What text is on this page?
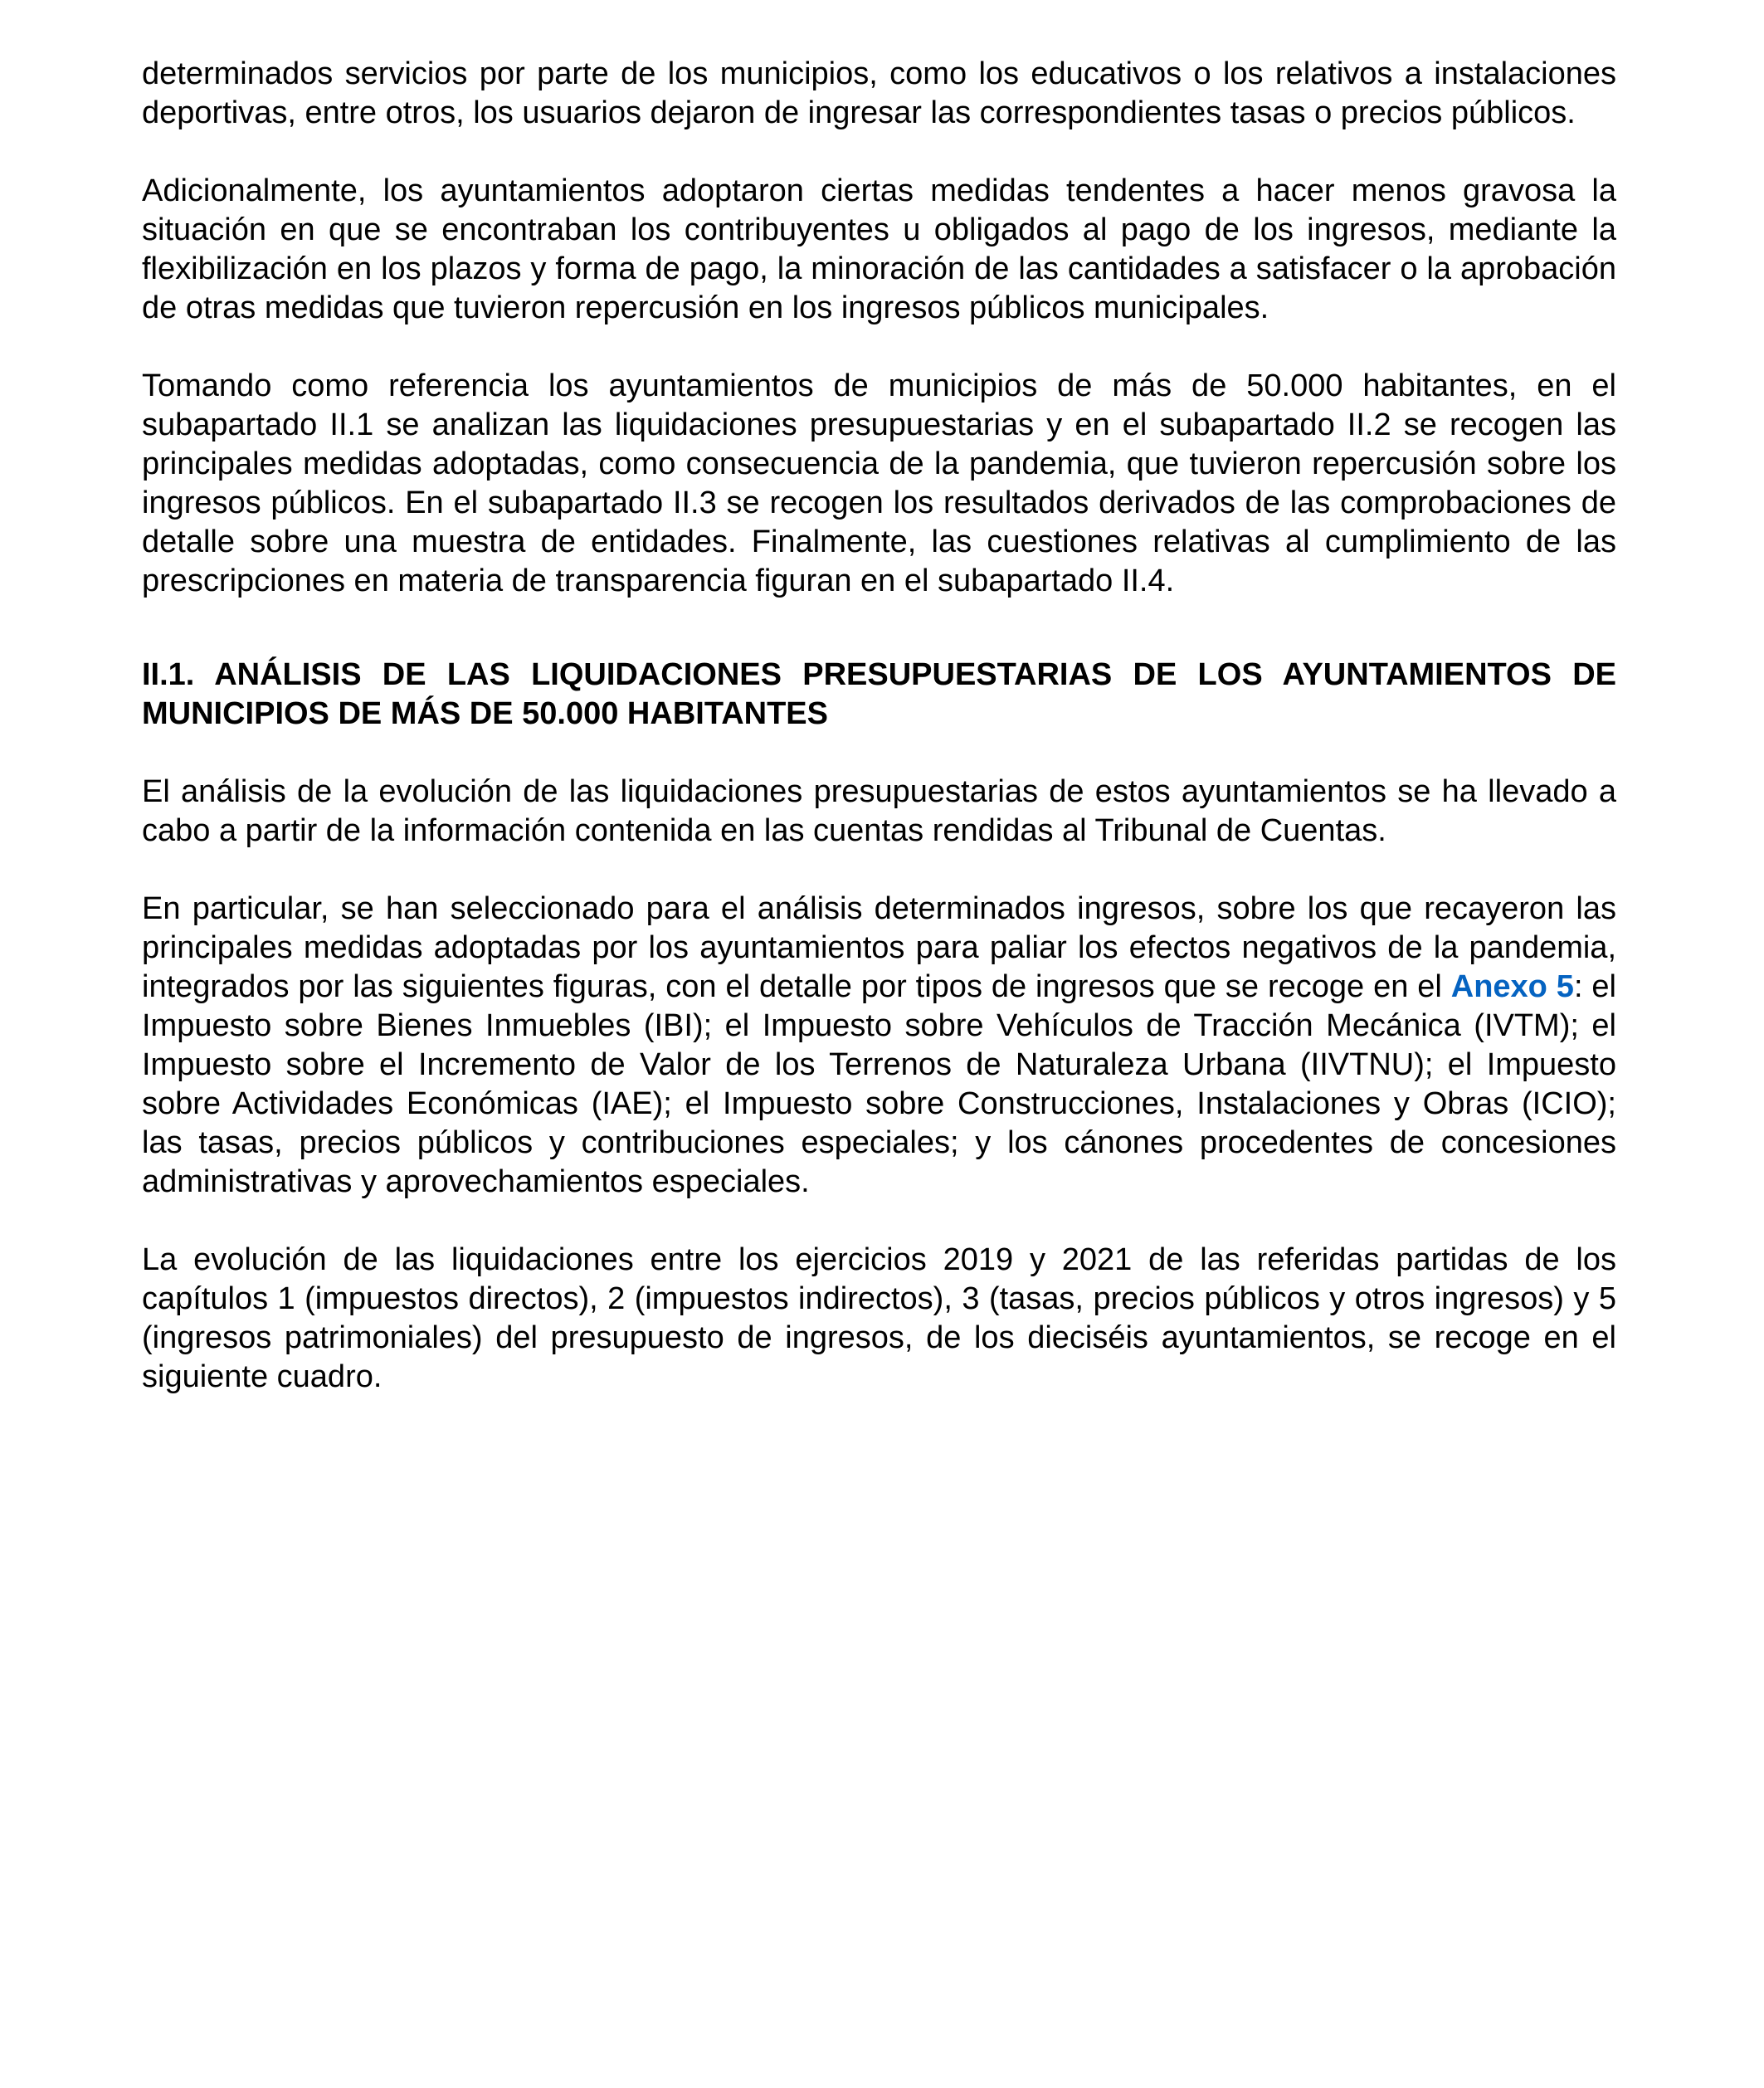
determinados servicios por parte de los municipios, como los educativos o los relativos a instalaciones deportivas, entre otros, los usuarios dejaron de ingresar las correspondientes tasas o precios públicos.

Adicionalmente, los ayuntamientos adoptaron ciertas medidas tendentes a hacer menos gravosa la situación en que se encontraban los contribuyentes u obligados al pago de los ingresos, mediante la flexibilización en los plazos y forma de pago, la minoración de las cantidades a satisfacer o la aprobación de otras medidas que tuvieron repercusión en los ingresos públicos municipales.

Tomando como referencia los ayuntamientos de municipios de más de 50.000 habitantes, en el subapartado II.1 se analizan las liquidaciones presupuestarias y en el subapartado II.2 se recogen las principales medidas adoptadas, como consecuencia de la pandemia, que tuvieron repercusión sobre los ingresos públicos. En el subapartado II.3 se recogen los resultados derivados de las comprobaciones de detalle sobre una muestra de entidades. Finalmente, las cuestiones relativas al cumplimiento de las prescripciones en materia de transparencia figuran en el subapartado II.4.

II.1. ANÁLISIS DE LAS LIQUIDACIONES PRESUPUESTARIAS DE LOS AYUNTAMIENTOS DE MUNICIPIOS DE MÁS DE 50.000 HABITANTES

El análisis de la evolución de las liquidaciones presupuestarias de estos ayuntamientos se ha llevado a cabo a partir de la información contenida en las cuentas rendidas al Tribunal de Cuentas.

En particular, se han seleccionado para el análisis determinados ingresos, sobre los que recayeron las principales medidas adoptadas por los ayuntamientos para paliar los efectos negativos de la pandemia, integrados por las siguientes figuras, con el detalle por tipos de ingresos que se recoge en el Anexo 5: el Impuesto sobre Bienes Inmuebles (IBI); el Impuesto sobre Vehículos de Tracción Mecánica (IVTM); el Impuesto sobre el Incremento de Valor de los Terrenos de Naturaleza Urbana (IIVTNU); el Impuesto sobre Actividades Económicas (IAE); el Impuesto sobre Construcciones, Instalaciones y Obras (ICIO); las tasas, precios públicos y contribuciones especiales; y los cánones procedentes de concesiones administrativas y aprovechamientos especiales.

La evolución de las liquidaciones entre los ejercicios 2019 y 2021 de las referidas partidas de los capítulos 1 (impuestos directos), 2 (impuestos indirectos), 3 (tasas, precios públicos y otros ingresos) y 5 (ingresos patrimoniales) del presupuesto de ingresos, de los dieciséis ayuntamientos, se recoge en el siguiente cuadro.
